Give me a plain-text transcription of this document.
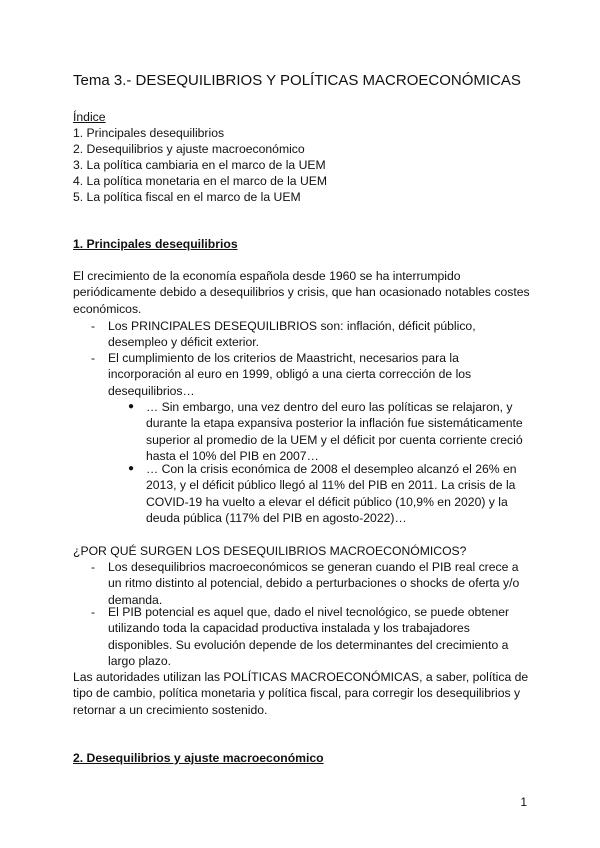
Tema 3.- DESEQUILIBRIOS Y POLÍTICAS MACROECONÓMICAS
Índice
1. Principales desequilibrios
2. Desequilibrios y ajuste macroeconómico
3. La política cambiaria en el marco de la UEM
4. La política monetaria en el marco de la UEM
5. La política fiscal en el marco de la UEM
1. Principales desequilibrios
El crecimiento de la economía española desde 1960 se ha interrumpido periódicamente debido a desequilibrios y crisis, que han ocasionado notables costes económicos.
- Los PRINCIPALES DESEQUILIBRIOS son: inflación, déficit público, desempleo y déficit exterior.
- El cumplimiento de los criterios de Maastricht, necesarios para la incorporación al euro en 1999, obligó a una cierta corrección de los desequilibrios…
● … Sin embargo, una vez dentro del euro las políticas se relajaron, y durante la etapa expansiva posterior la inflación fue sistemáticamente superior al promedio de la UEM y el déficit por cuenta corriente creció hasta el 10% del PIB en 2007…
● … Con la crisis económica de 2008 el desempleo alcanzó el 26% en 2013, y el déficit público llegó al 11% del PIB en 2011. La crisis de la COVID-19 ha vuelto a elevar el déficit público (10,9% en 2020) y la deuda pública (117% del PIB en agosto-2022)…
¿POR QUÉ SURGEN LOS DESEQUILIBRIOS MACROECONÓMICOS?
- Los desequilibrios macroeconómicos se generan cuando el PIB real crece a un ritmo distinto al potencial, debido a perturbaciones o shocks de oferta y/o demanda.
- El PIB potencial es aquel que, dado el nivel tecnológico, se puede obtener utilizando toda la capacidad productiva instalada y los trabajadores disponibles. Su evolución depende de los determinantes del crecimiento a largo plazo.
Las autoridades utilizan las POLÍTICAS MACROECONÓMICAS, a saber, política de tipo de cambio, política monetaria y política fiscal, para corregir los desequilibrios y retornar a un crecimiento sostenido.
2. Desequilibrios y ajuste macroeconómico
1
